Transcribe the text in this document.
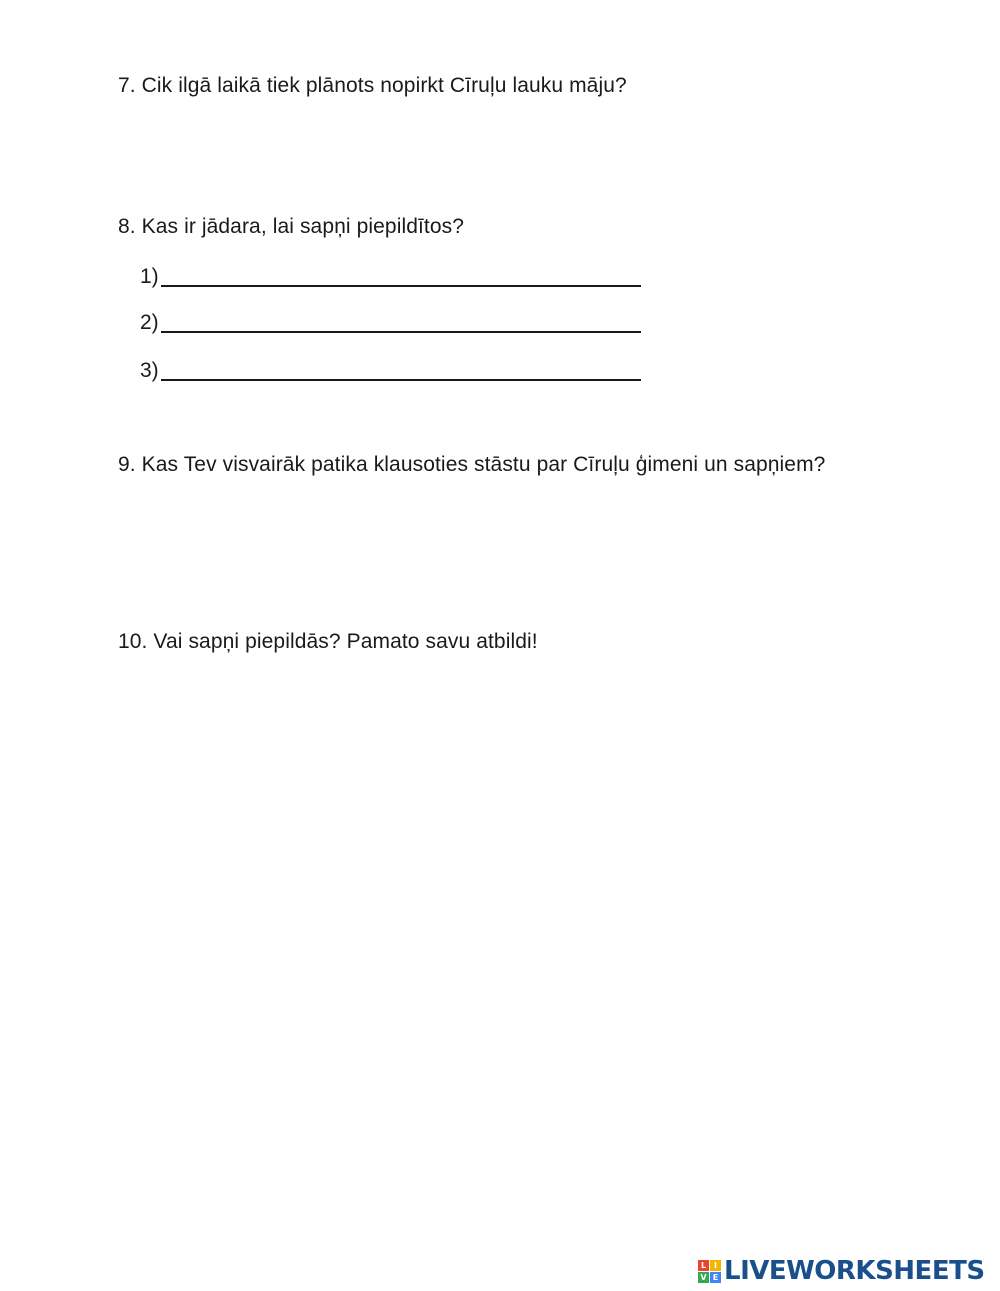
7. Cik ilgā laikā tiek plānots nopirkt Cīruļu lauku māju?

8. Kas ir jādara, lai sapņi piepildītos?

1)
2)
3)

9. Kas Tev visvairāk patika klausoties stāstu par Cīruļu ģimeni un sapņiem?

10. Vai sapņi piepildās? Pamato savu atbildi!

L I
V E LIVEWORKSHEETS
